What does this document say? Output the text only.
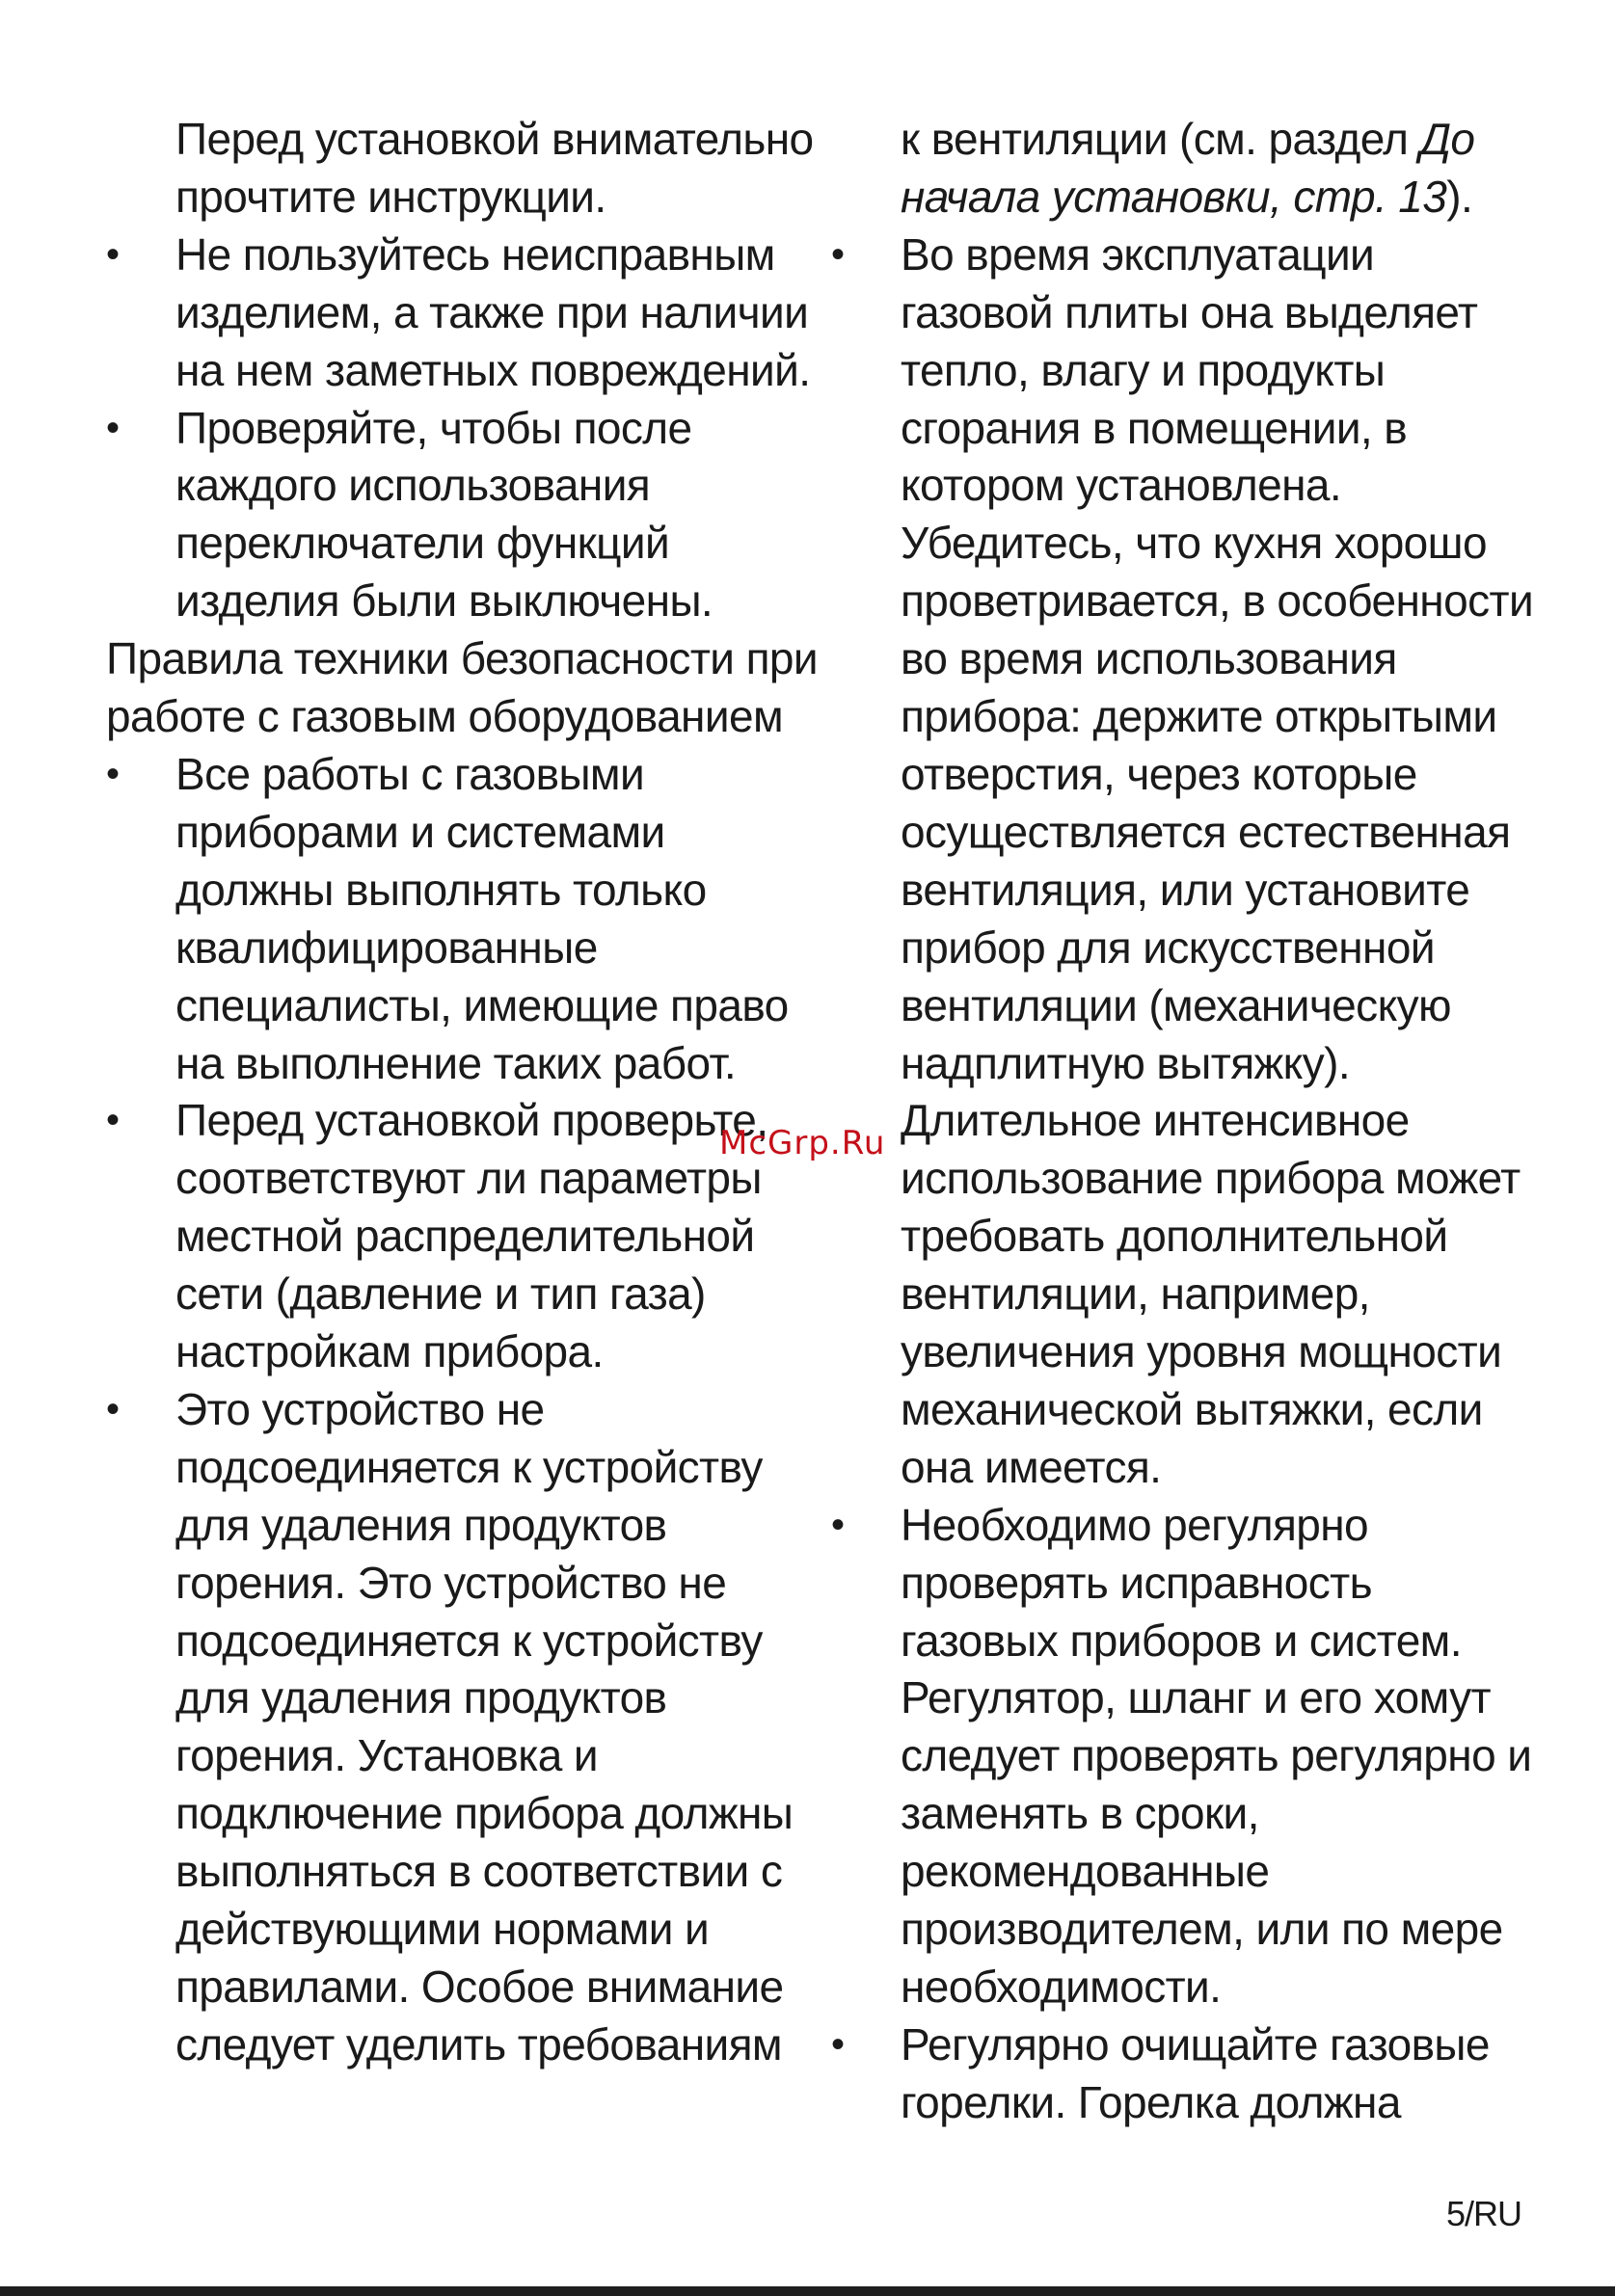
Перед установкой внимательно прочтите инструкции.

•	Не пользуйтесь неисправным изделием, а также при наличии на нем заметных повреждений.
•	Проверяйте, чтобы после каждого использования переключатели функций изделия были выключены.

Правила техники безопасности при работе с газовым оборудованием

•	Все работы с газовыми приборами и системами должны выполнять только квалифицированные специалисты, имеющие право на выполнение таких работ.
•	Перед установкой проверьте, соответствуют ли параметры местной распределительной сети (давление и тип газа) настройкам прибора.
•	Это устройство не подсоединяется к устройству для удаления продуктов горения. Это устройство не подсоединяется к устройству для удаления продуктов горения. Установка и подключение прибора должны выполняться в соответствии с действующими нормами и правилами. Особое внимание следует уделить требованиям

к вентиляции (см. раздел До начала установки, стр. 13).

•	Во время эксплуатации газовой плиты она выделяет тепло, влагу и продукты сгорания в помещении, в котором установлена. Убедитесь, что кухня хорошо проветривается, в особенности во время использования прибора: держите открытыми отверстия, через которые осуществляется естественная вентиляция, или установите прибор для искусственной вентиляции (механическую надплитную вытяжку). Длительное интенсивное использование прибора может требовать дополнительной вентиляции, например, увеличения уровня мощности механической вытяжки, если она имеется.
•	Необходимо регулярно проверять исправность газовых приборов и систем. Регулятор, шланг и его хомут следует проверять регулярно и заменять в сроки, рекомендованные производителем, или по мере необходимости.
•	Регулярно очищайте газовые горелки. Горелка должна
McGrp.Ru
5/RU
